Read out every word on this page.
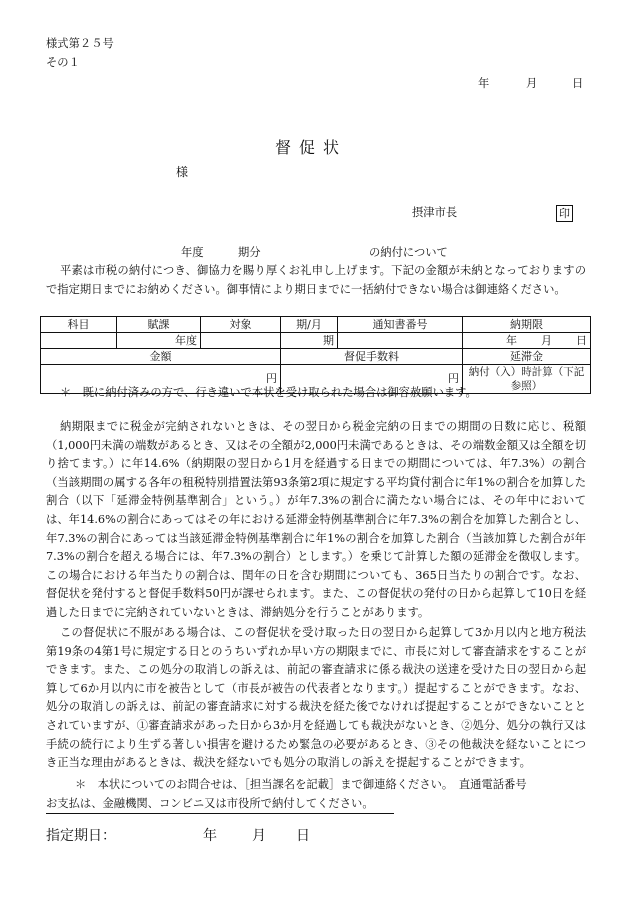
様式第２５号
その１
年	月	日
督促状
様
摂津市長	印
年度	期分	の納付について
平素は市税の納付につき、御協力を賜り厚くお礼申し上げます。下記の金額が未納となっておりますので指定期日までにお納めください。御事情により期日までに一括納付できない場合は御連絡ください。
科目	賦課	対象	期/月	通知書番号	納期限
	年度		期		年 月 日
金額			督促手数料		延滞金
円			円		納付（入）時計算（下記参照）
＊　既に納付済みの方で、行き違いで本状を受け取られた場合は御容赦願います。
納期限までに税金が完納されないときは、その翌日から税金完納の日までの期間の日数に応じ、税額（1,000円未満の端数があるとき、又はその全額が2,000円未満であるときは、その端数金額又は全額を切り捨てます。）に年14.6%（納期限の翌日から1月を経過する日までの期間については、年7.3%）の割合（当該期間の属する各年の租税特別措置法第93条第2項に規定する平均貸付割合に年1%の割合を加算した割合（以下「延滞金特例基準割合」という。）が年7.3%の割合に満たない場合には、その年中においては、年14.6%の割合にあってはその年における延滞金特例基準割合に年7.3%の割合を加算した割合とし、年7.3%の割合にあっては当該延滞金特例基準割合に年1%の割合を加算した割合（当該加算した割合が年7.3%の割合を超える場合には、年7.3%の割合）とします。）を乗じて計算した額の延滞金を徴収します。この場合における年当たりの割合は、閏年の日を含む期間についても、365日当たりの割合です。なお、督促状を発付すると督促手数料50円が課せられます。また、この督促状の発付の日から起算して10日を経過した日までに完納されていないときは、滞納処分を行うことがあります。
この督促状に不服がある場合は、この督促状を受け取った日の翌日から起算して3か月以内と地方税法第19条の4第1号に規定する日とのうちいずれか早い方の期限までに、市長に対して審査請求をすることができます。また、この処分の取消しの訴えは、前記の審査請求に係る裁決の送達を受けた日の翌日から起算して6か月以内に市を被告として（市長が被告の代表者となります。）提起することができます。なお、処分の取消しの訴えは、前記の審査請求に対する裁決を経た後でなければ提起することができないこととされていますが、①審査請求があった日から3か月を経過しても裁決がないとき、②処分、処分の執行又は手続の続行により生ずる著しい損害を避けるため緊急の必要があるとき、③その他裁決を経ないことにつき正当な理由があるときは、裁決を経ないでも処分の取消しの訴えを提起することができます。
＊　本状についてのお問合せは、［担当課名を記載］まで御連絡ください。　直通電話番号
お支払は、金融機関、コンビニ又は市役所で納付してください。
指定期日：	年	月 日
